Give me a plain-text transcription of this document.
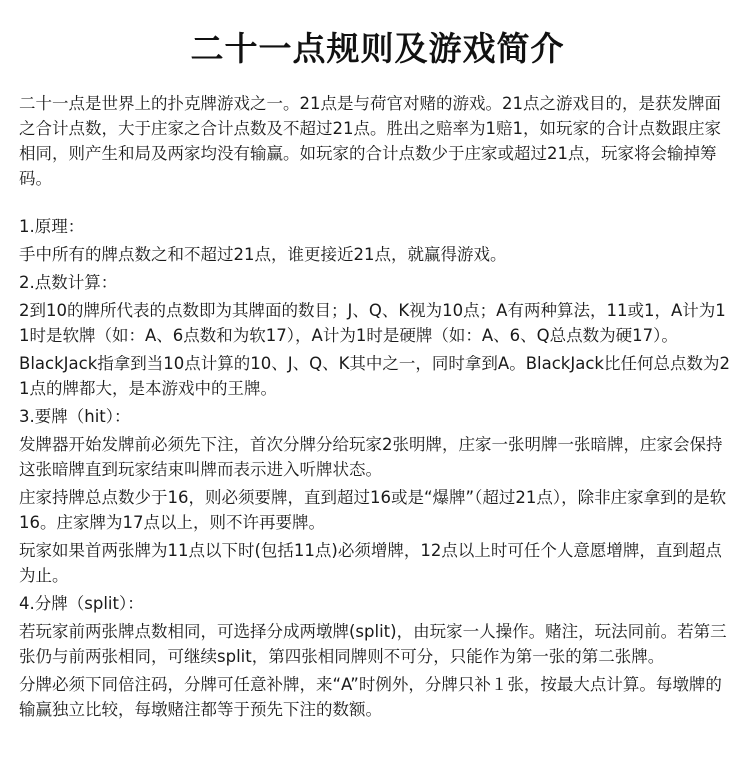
二十一点规则及游戏简介

二十一点是世界上的扑克牌游戏之一。21点是与荷官对赌的游戏。21点之游戏目的，是获发牌面之合计点数，大于庄家之合计点数及不超过21点。胜出之赔率为1赔1，如玩家的合计点数跟庄家相同，则产生和局及两家均没有输赢。如玩家的合计点数少于庄家或超过21点，玩家将会输掉筹码。

1.原理：
手中所有的牌点数之和不超过21点，谁更接近21点，就赢得游戏。
2.点数计算：
2到10的牌所代表的点数即为其牌面的数目；J、Q、K视为10点；A有两种算法，11或1，A计为11时是软牌（如：A、6点数和为软17），A计为1时是硬牌（如：A、6、Q总点数为硬17）。
BlackJack指拿到当10点计算的10、J、Q、K其中之一，同时拿到A。BlackJack比任何总点数为21点的牌都大，是本游戏中的王牌。
3.要牌（hit）：
发牌器开始发牌前必须先下注，首次分牌分给玩家2张明牌，庄家一张明牌一张暗牌，庄家会保持这张暗牌直到玩家结束叫牌而表示进入听牌状态。
庄家持牌总点数少于16，则必须要牌，直到超过16或是“爆牌”（超过21点），除非庄家拿到的是软16。庄家牌为17点以上，则不许再要牌。
玩家如果首两张牌为11点以下时(包括11点)必须增牌，12点以上时可任个人意愿增牌，直到超点为止。
4.分牌（split）：
若玩家前两张牌点数相同，可选择分成两墩牌(split)，由玩家一人操作。赌注，玩法同前。若第三张仍与前两张相同，可继续split，第四张相同牌则不可分，只能作为第一张的第二张牌。
分牌必须下同倍注码，分牌可任意补牌，来“A”时例外，分牌只补１张，按最大点计算。每墩牌的输赢独立比较，每墩赌注都等于预先下注的数额。
